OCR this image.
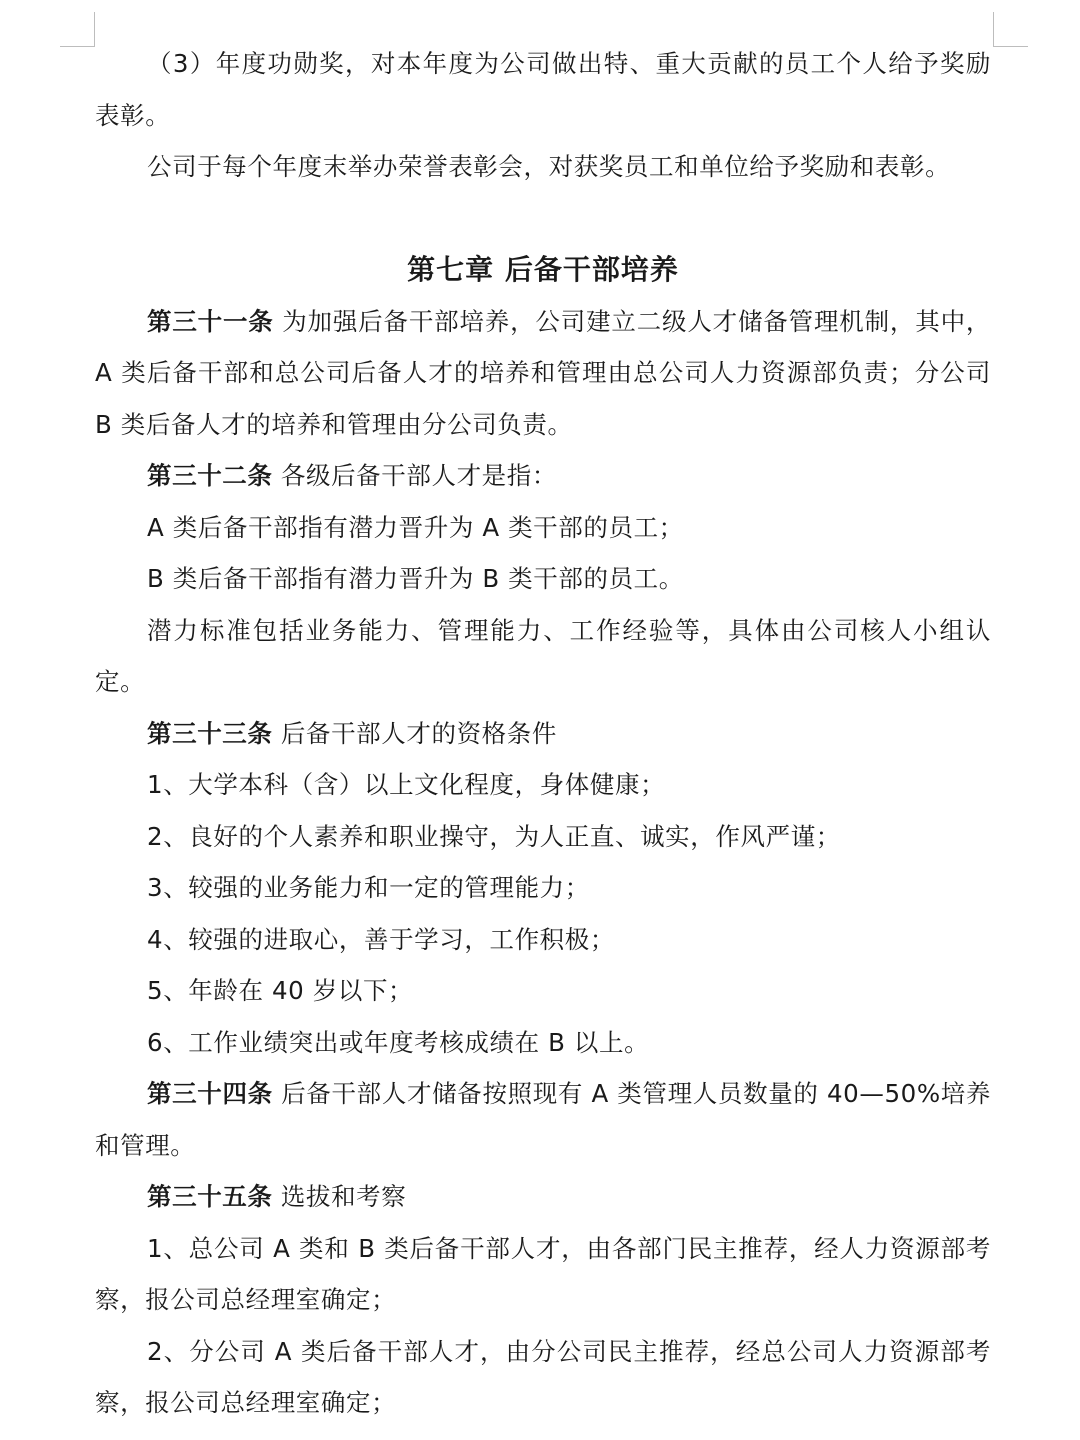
（3）年度功勋奖，对本年度为公司做出特、重大贡献的员工个人给予奖励表彰。

公司于每个年度末举办荣誉表彰会，对获奖员工和单位给予奖励和表彰。

第七章 后备干部培养

第三十一条 为加强后备干部培养，公司建立二级人才储备管理机制，其中，A 类后备干部和总公司后备人才的培养和管理由总公司人力资源部负责；分公司 B 类后备人才的培养和管理由分公司负责。

第三十二条 各级后备干部人才是指：

A 类后备干部指有潜力晋升为 A 类干部的员工；

B 类后备干部指有潜力晋升为 B 类干部的员工。

潜力标准包括业务能力、管理能力、工作经验等，具体由公司核人小组认定。

第三十三条 后备干部人才的资格条件

1、大学本科（含）以上文化程度，身体健康；

2、良好的个人素养和职业操守，为人正直、诚实，作风严谨；

3、较强的业务能力和一定的管理能力；

4、较强的进取心，善于学习，工作积极；

5、年龄在 40 岁以下；

6、工作业绩突出或年度考核成绩在 B 以上。

第三十四条 后备干部人才储备按照现有 A 类管理人员数量的 40—50%培养和管理。

第三十五条 选拔和考察

1、总公司 A 类和 B 类后备干部人才，由各部门民主推荐，经人力资源部考察，报公司总经理室确定；

2、分公司 A 类后备干部人才，由分公司民主推荐，经总公司人力资源部考察，报公司总经理室确定；
